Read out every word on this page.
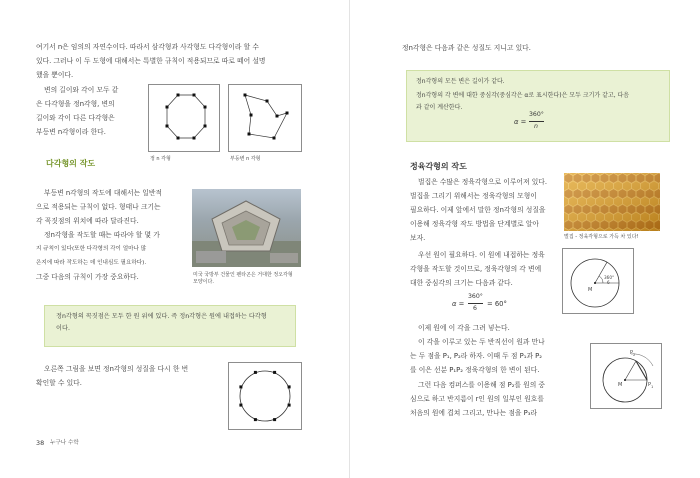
여기서 n은 임의의 자연수이다. 따라서 삼각형과 사각형도 다각형이라 할 수
있다. 그러나 이 두 도형에 대해서는 특별한 규칙이 적용되므로 따로 떼어 설명
했을 뿐이다.
변의 길이와 각이 모두 같
은 다각형을 정n각형, 변의
길이와 각이 다른 다각형은
부등변 n각형이라 한다.
정 n 각형	부등변 n 각형
다각형의 작도
부등변 n각형의 작도에 대해서는 일반적
으로 적용되는 규칙이 없다. 형태나 크기는
각 꼭짓점의 위치에 따라 달라진다.
정n각형을 작도할 때는 따라야 할 몇 가
지 규칙이 있다(또한 다각형의 각이 얼마나 많
은지에 따라 작도하는 데 인내심도 필요하다).
그중 다음의 규칙이 가장 중요하다.	미국 국방부 건물인 펜타곤은 거대한 정오각형
모양이다.
정n각형의 꼭짓점은 모두 한 원 위에 있다. 즉 정n각형은 원에 내접하는 다각형
이다.
오른쪽 그림을 보면 정n각형의 성질을 다시 한 번
확인할 수 있다.
38 누구나 수학
정n각형은 다음과 같은 성질도 지니고 있다.
정n각형의 모든 변은 길이가 같다.
정n각형의 각 변에 대한 중심각(중심각은 α로 표시한다)은 모두 크기가 같고, 다음
과 같이 계산한다.
α =
360°
n
정육각형의 작도
벌집은 수많은 정육각형으로 이루어져 있다.
벌집을 그리기 위해서는 정육각형의 모형이
필요하다. 이제 앞에서 말한 정n각형의 성질을
이용해 정육각형 작도 방법을 단계별로 알아
보자.
우선 원이 필요하다. 이 원에 내접하는 정육
각형을 작도할 것이므로, 정육각형의 각 변에
대한 중심각의 크기는 다음과 같다.
벌집 - 정육각형으로 가득 차 있다!
α =
360°
6
= 60°
M
360°
6
이제 원에 이 각을 그려 넣는다.
이 각을 이루고 있는 두 반직선이 원과 만나
는 두 점을 P₁, P₂라 하자. 이때 두 점 P₁과 P₂
를 이은 선분 P₁P₂ 정육각형의 한 변이 된다.
그런 다음 컴퍼스를 이용해 점 P₂를 원의 중
심으로 하고 반지름이 r인 원의 일부인 원호를
처음의 원에 겹쳐 그리고, 만나는 점을 P₃라
M
$P_2$
$P_1$
